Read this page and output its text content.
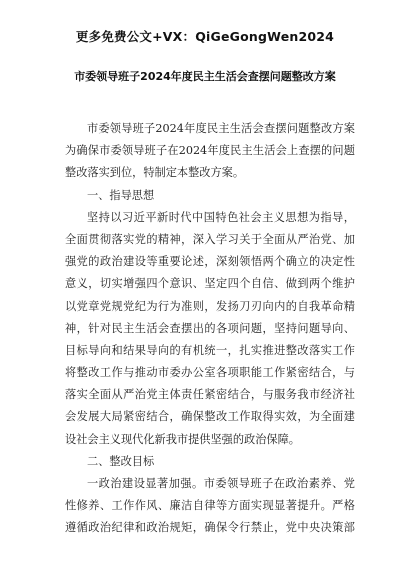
更多免费公文+VX：QiGeGongWen2024
市委领导班子2024年度民主生活会查摆问题整改方案
市委领导班子2024年度民主生活会查摆问题整改方案
为确保市委领导班子在2024年度民主生活会上查摆的问题
整改落实到位，特制定本整改方案。
一、指导思想
坚持以习近平新时代中国特色社会主义思想为指导，
全面贯彻落实党的精神，深入学习关于全面从严治党、加
强党的政治建设等重要论述，深刻领悟两个确立的决定性
意义，切实增强四个意识、坚定四个自信、做到两个维护
以党章党规党纪为行为准则，发扬刀刃向内的自我革命精
神，针对民主生活会查摆出的各项问题，坚持问题导向、
目标导向和结果导向的有机统一，扎实推进整改落实工作
将整改工作与推动市委办公室各项职能工作紧密结合，与
落实全面从严治党主体责任紧密结合，与服务我市经济社
会发展大局紧密结合，确保整改工作取得实效，为全面建
设社会主义现代化新我市提供坚强的政治保障。
二、整改目标
一政治建设显著加强。市委领导班子在政治素养、党
性修养、工作作风、廉洁自律等方面实现显著提升。严格
遵循政治纪律和政治规矩，确保令行禁止，党中央决策部
